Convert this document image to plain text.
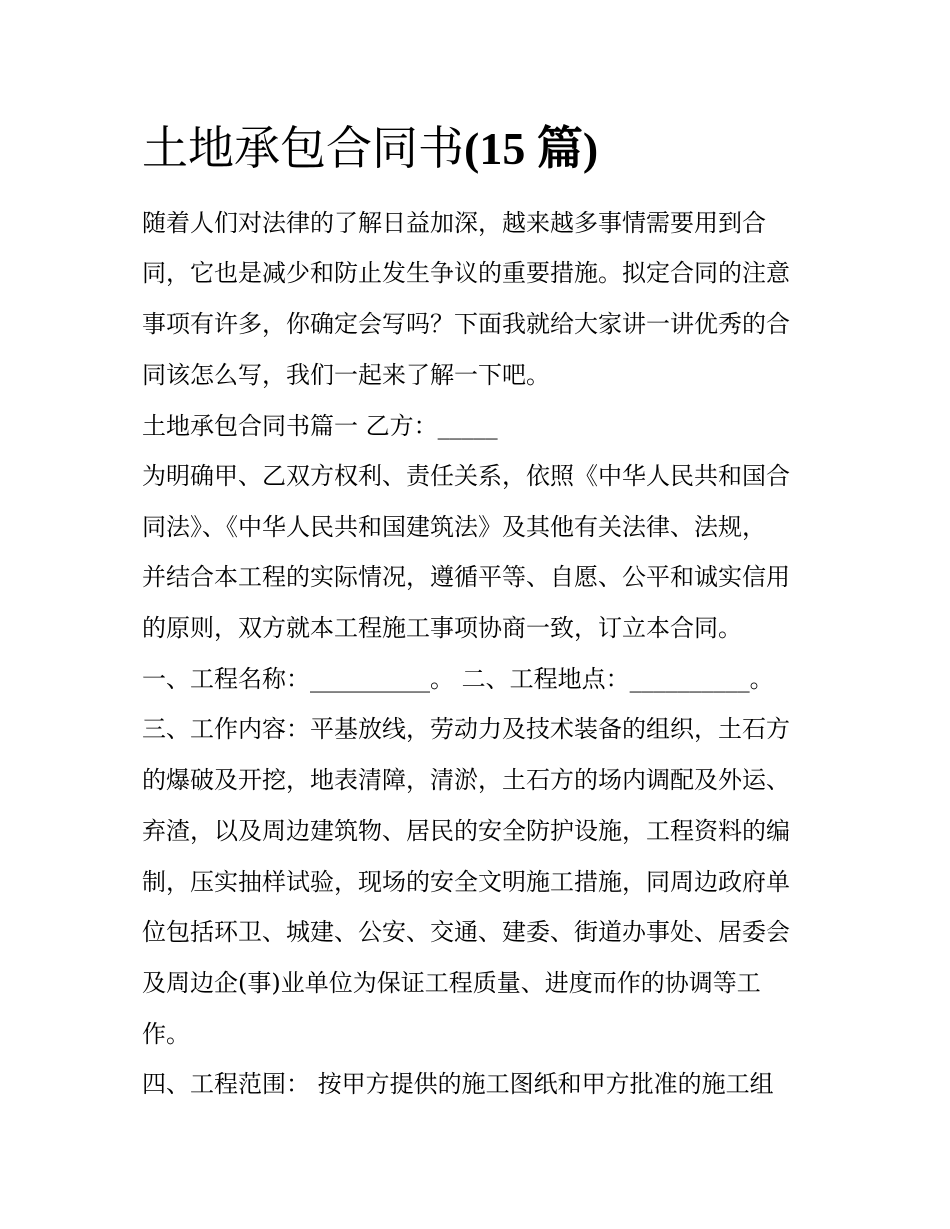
土地承包合同书(15 篇)
随着人们对法律的了解日益加深，越来越多事情需要用到合
同，它也是减少和防止发生争议的重要措施。拟定合同的注意
事项有许多，你确定会写吗？下面我就给大家讲一讲优秀的合
同该怎么写，我们一起来了解一下吧。
土地承包合同书篇一 乙方：_____
为明确甲、乙双方权利、责任关系，依照《中华人民共和国合
同法》、《中华人民共和国建筑法》及其他有关法律、法规，
并结合本工程的实际情况，遵循平等、自愿、公平和诚实信用
的原则，双方就本工程施工事项协商一致，订立本合同。
一、工程名称：__________。 二、工程地点：__________。
三、工作内容：平基放线，劳动力及技术装备的组织，土石方
的爆破及开挖，地表清障，清淤，土石方的场内调配及外运、
弃渣，以及周边建筑物、居民的安全防护设施，工程资料的编
制，压实抽样试验，现场的安全文明施工措施，同周边政府单
位包括环卫、城建、公安、交通、建委、街道办事处、居委会
及周边企(事)业单位为保证工程质量、进度而作的协调等工
作。
四、工程范围： 按甲方提供的施工图纸和甲方批准的施工组
